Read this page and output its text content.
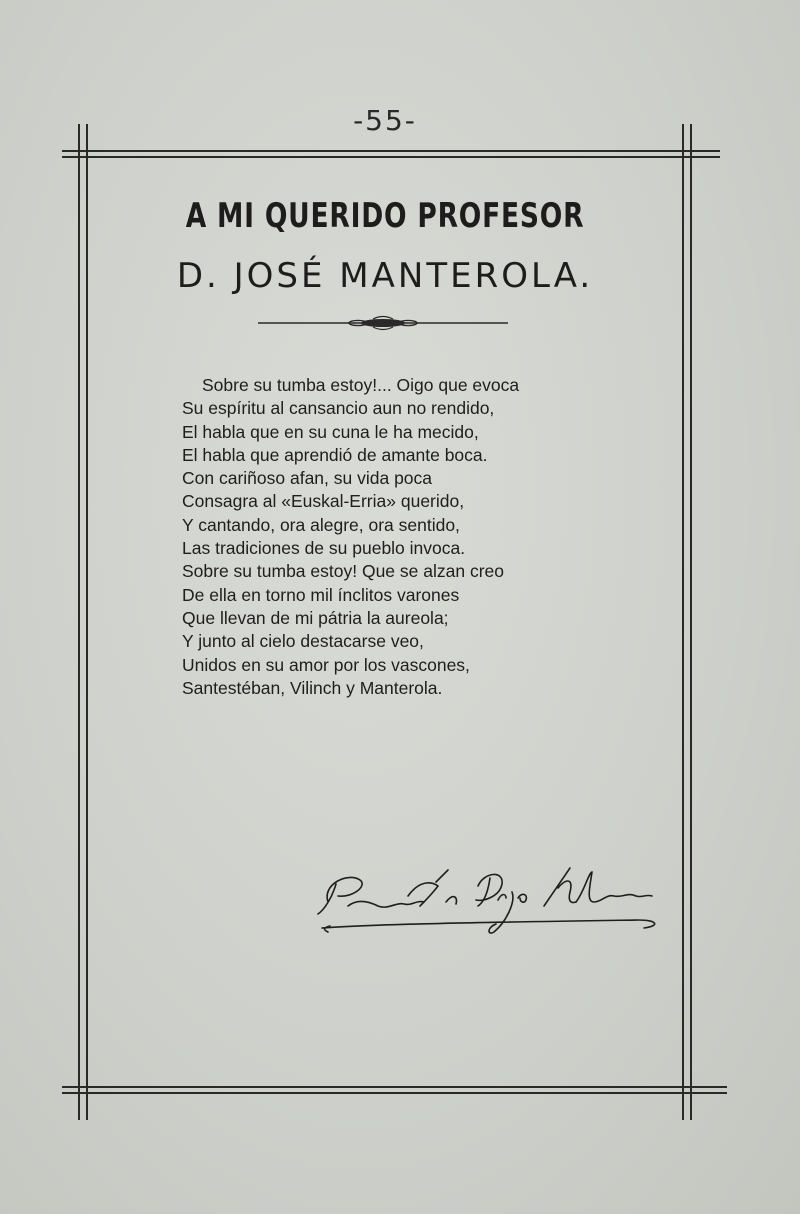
-55-
A MI QUERIDO PROFESOR
D. JOSÉ MANTEROLA.
Sobre su tumba estoy!... Oigo que evoca
Su espíritu al cansancio aun no rendido,
El habla que en su cuna le ha mecido,
El habla que aprendió de amante boca.
Con cariñoso afan, su vida poca
Consagra al «Euskal-Erria» querido,
Y cantando, ora alegre, ora sentido,
Las tradiciones de su pueblo invoca.
Sobre su tumba estoy! Que se alzan creo
De ella en torno mil ínclitos varones
Que llevan de mi pátria la aureola;
Y junto al cielo destacarse veo,
Unidos en su amor por los vascones,
Santestéban, Vilinch y Manterola.
